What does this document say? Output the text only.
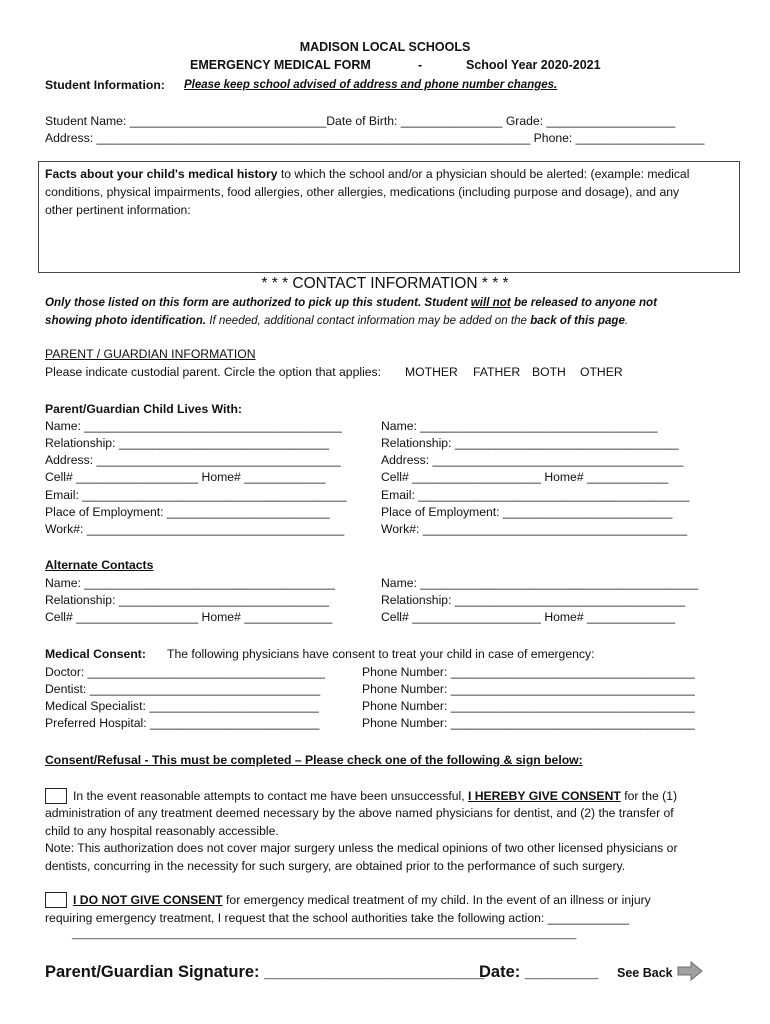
MADISON LOCAL SCHOOLS
EMERGENCY MEDICAL FORM	-	School Year 2020-2021
Student Information: Please keep school advised of address and phone number changes.
Student Name: _____________________________Date of Birth: _______________ Grade: ___________________
Address: ________________________________________________________________ Phone: ___________________
Facts about your child's medical history to which the school and/or a physician should be alerted: (example: medical
conditions, physical impairments, food allergies, other allergies, medications (including purpose and dosage), and any
other pertinent information:
* * * CONTACT INFORMATION * * *
Only those listed on this form are authorized to pick up this student. Student will not be released to anyone not
showing photo identification. If needed, additional contact information may be added on the back of this page.
PARENT / GUARDIAN INFORMATION
Please indicate custodial parent. Circle the option that applies: MOTHER FATHER BOTH OTHER
Parent/Guardian Child Lives With:
Name: ______________________________________
Relationship: _______________________________
Address: ____________________________________
Cell# __________________ Home# ____________
Email: _______________________________________
Place of Employment: ________________________
Work#: ______________________________________
Name: ___________________________________
Relationship: _________________________________
Address: _____________________________________
Cell# ___________________ Home# ____________
Email: ________________________________________
Place of Employment: _________________________
Work#: _______________________________________
Alternate Contacts
Name: _____________________________________
Relationship: _______________________________
Cell# __________________ Home# _____________
Name: _________________________________________
Relationship: __________________________________
Cell# ___________________ Home# _____________
Medical Consent: The following physicians have consent to treat your child in case of emergency:
Doctor: ___________________________________
Dentist: __________________________________
Medical Specialist: _________________________
Preferred Hospital: _________________________
Phone Number: ____________________________________
Phone Number: ____________________________________
Phone Number: ____________________________________
Phone Number: ____________________________________
Consent/Refusal - This must be completed – Please check one of the following & sign below:
In the event reasonable attempts to contact me have been unsuccessful, I HEREBY GIVE CONSENT for the (1)
administration of any treatment deemed necessary by the above named physicians for dentist, and (2) the transfer of
child to any hospital reasonably accessible.
Note: This authorization does not cover major surgery unless the medical opinions of two other licensed physicians or
dentists, concurring in the necessity for such surgery, are obtained prior to the performance of such surgery.
I DO NOT GIVE CONSENT for emergency medical treatment of my child. In the event of an illness or injury
requiring emergency treatment, I request that the school authorities take the following action: ____________
_________________________________________________________________________________________
Parent/Guardian Signature: ________________________
Date: ________ See Back
